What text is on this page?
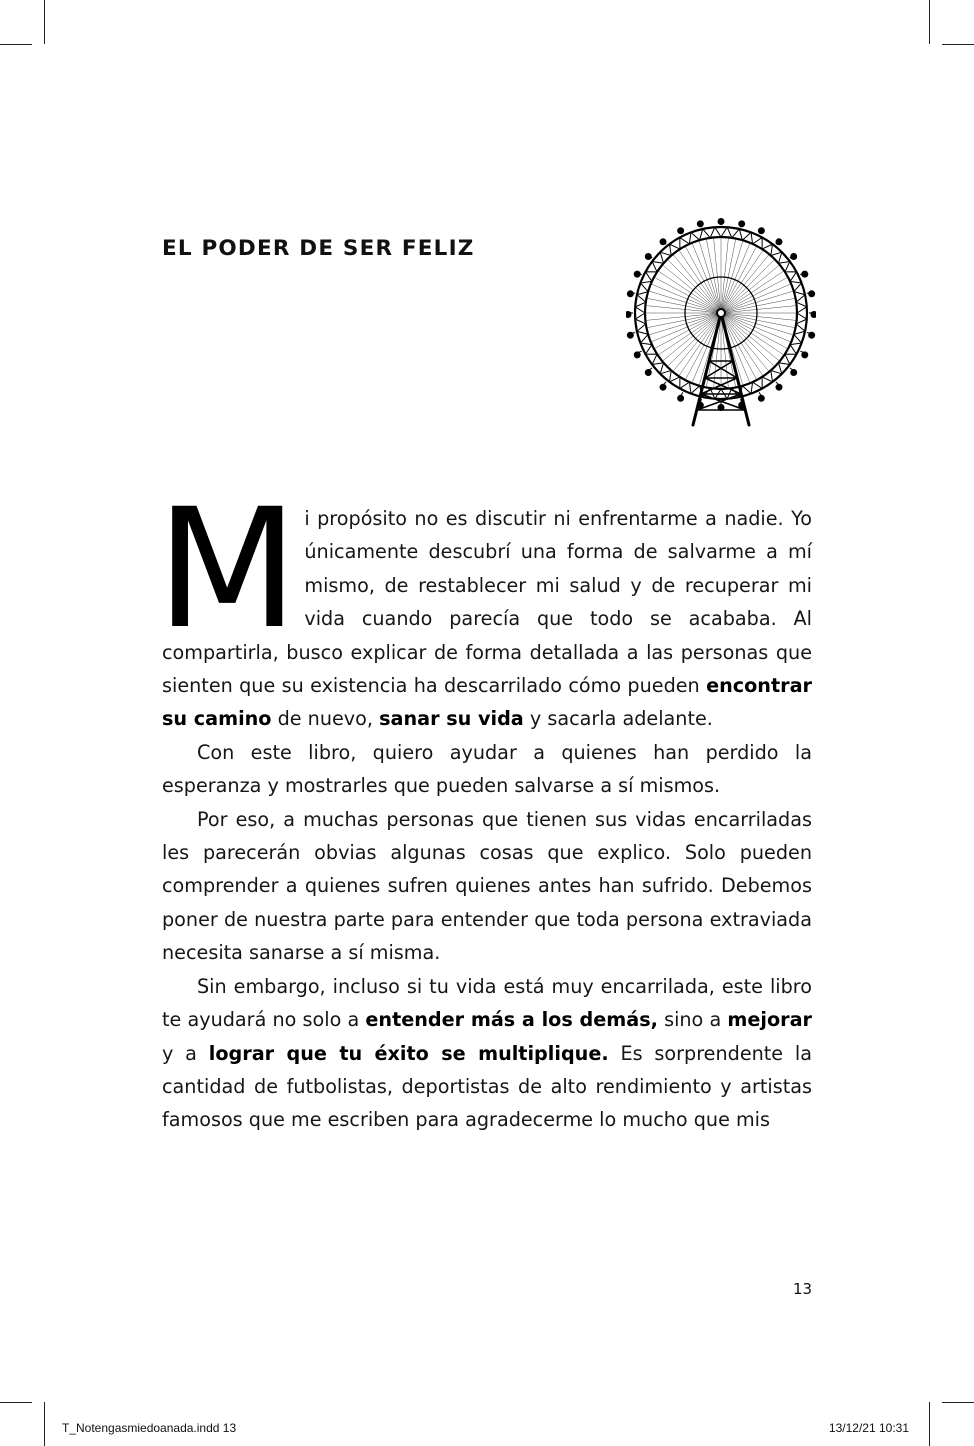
EL PODER DE SER FELIZ
M i propósito no es discutir ni enfrentarme a nadie. Yo únicamente descubrí una forma de salvarme a mí mismo, de restablecer mi salud y de recuperar mi vida cuando parecía que todo se acababa. Al compartirla, busco explicar de forma detallada a las personas que sienten que su existencia ha descarrilado cómo pueden encontrar su camino de nuevo, sanar su vida y sacarla adelante.

Con este libro, quiero ayudar a quienes han perdido la esperanza y mostrarles que pueden salvarse a sí mismos.

Por eso, a muchas personas que tienen sus vidas encarriladas les parecerán obvias algunas cosas que explico. Solo pueden comprender a quienes sufren quienes antes han sufrido. Debemos poner de nuestra parte para entender que toda persona extraviada necesita sanarse a sí misma.

Sin embargo, incluso si tu vida está muy encarrilada, este libro te ayudará no solo a entender más a los demás, sino a mejorar y a lograr que tu éxito se multiplique. Es sorprendente la cantidad de futbolistas, deportistas de alto rendimiento y artistas famosos que me escriben para agradecerme lo mucho que mis

13
T_Notengasmiedoanada.indd 13	13/12/21 10:31
